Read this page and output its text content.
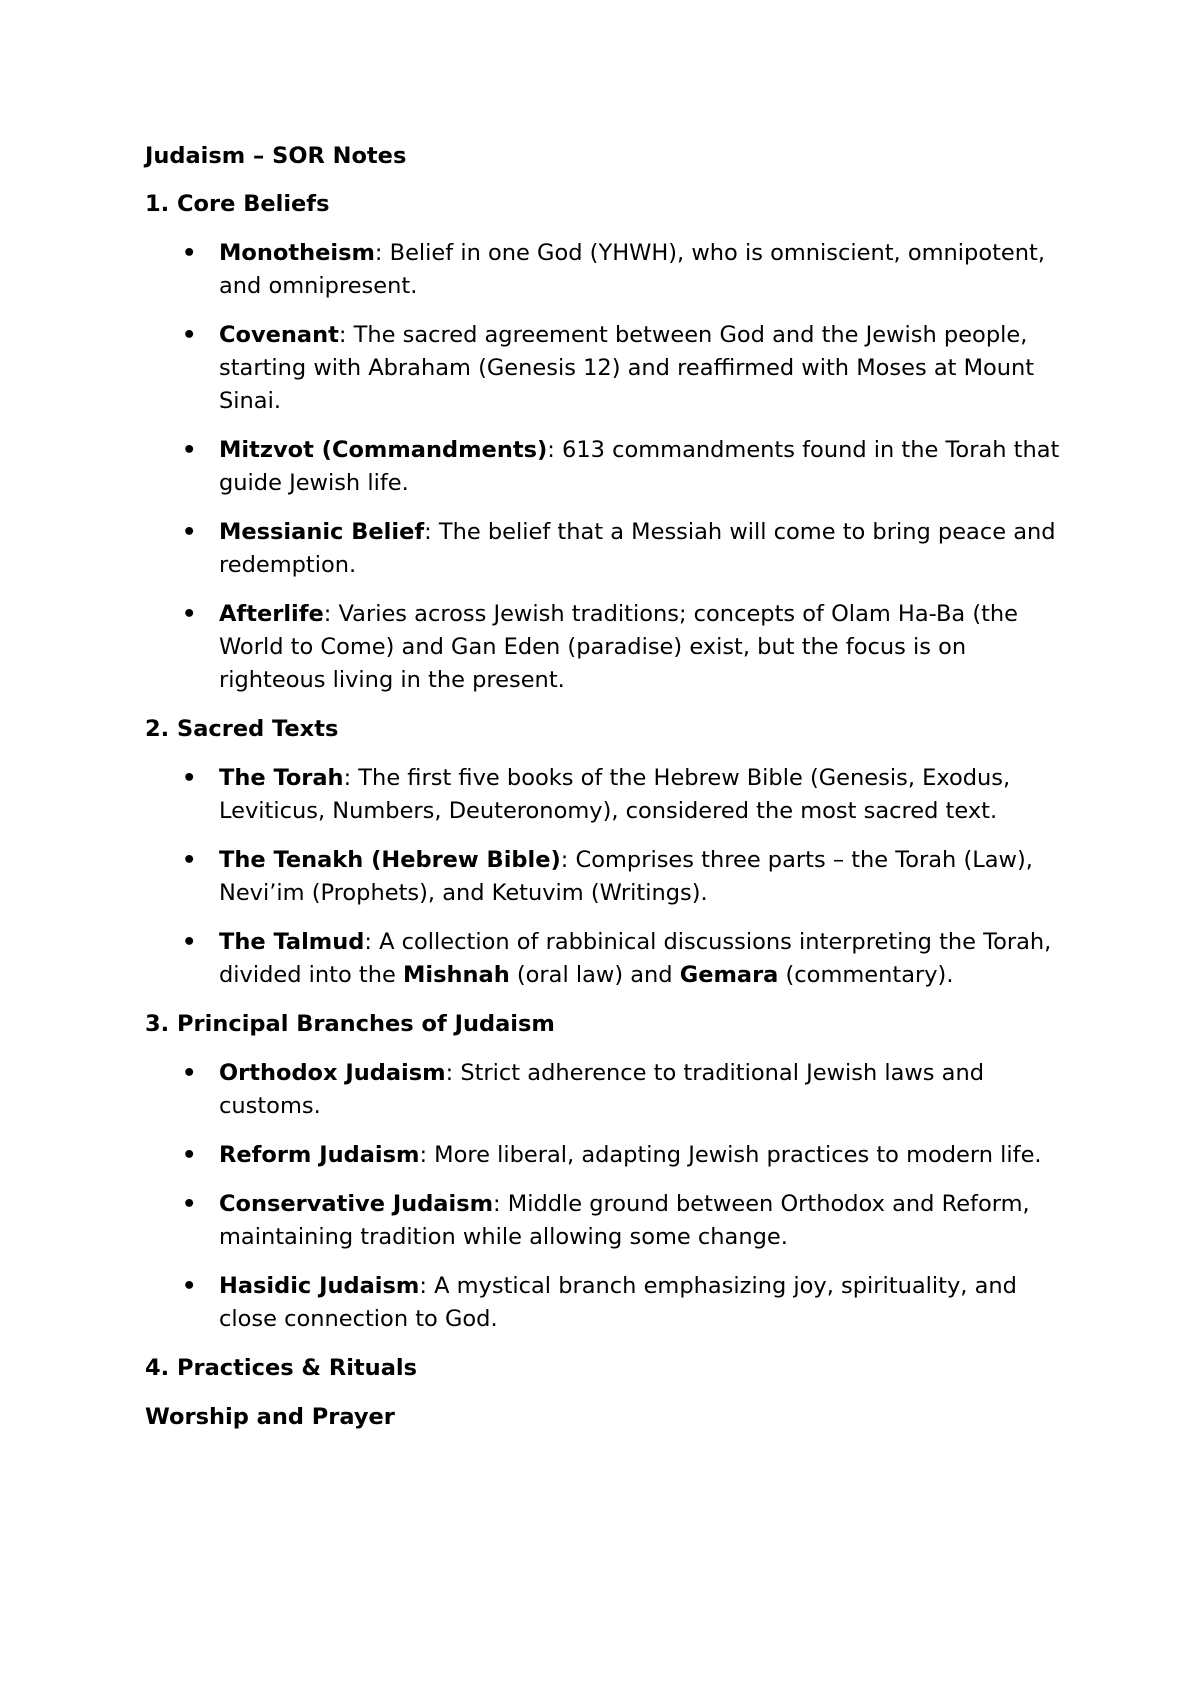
Judaism – SOR Notes

1. Core Beliefs

• Monotheism: Belief in one God (YHWH), who is omniscient, omnipotent, and omnipresent.
• Covenant: The sacred agreement between God and the Jewish people, starting with Abraham (Genesis 12) and reaffirmed with Moses at Mount Sinai.
• Mitzvot (Commandments): 613 commandments found in the Torah that guide Jewish life.
• Messianic Belief: The belief that a Messiah will come to bring peace and redemption.
• Afterlife: Varies across Jewish traditions; concepts of Olam Ha-Ba (the World to Come) and Gan Eden (paradise) exist, but the focus is on righteous living in the present.

2. Sacred Texts

• The Torah: The first five books of the Hebrew Bible (Genesis, Exodus, Leviticus, Numbers, Deuteronomy), considered the most sacred text.
• The Tenakh (Hebrew Bible): Comprises three parts – the Torah (Law), Nevi’im (Prophets), and Ketuvim (Writings).
• The Talmud: A collection of rabbinical discussions interpreting the Torah, divided into the Mishnah (oral law) and Gemara (commentary).

3. Principal Branches of Judaism

• Orthodox Judaism: Strict adherence to traditional Jewish laws and customs.
• Reform Judaism: More liberal, adapting Jewish practices to modern life.
• Conservative Judaism: Middle ground between Orthodox and Reform, maintaining tradition while allowing some change.
• Hasidic Judaism: A mystical branch emphasizing joy, spirituality, and close connection to God.

4. Practices & Rituals

Worship and Prayer
